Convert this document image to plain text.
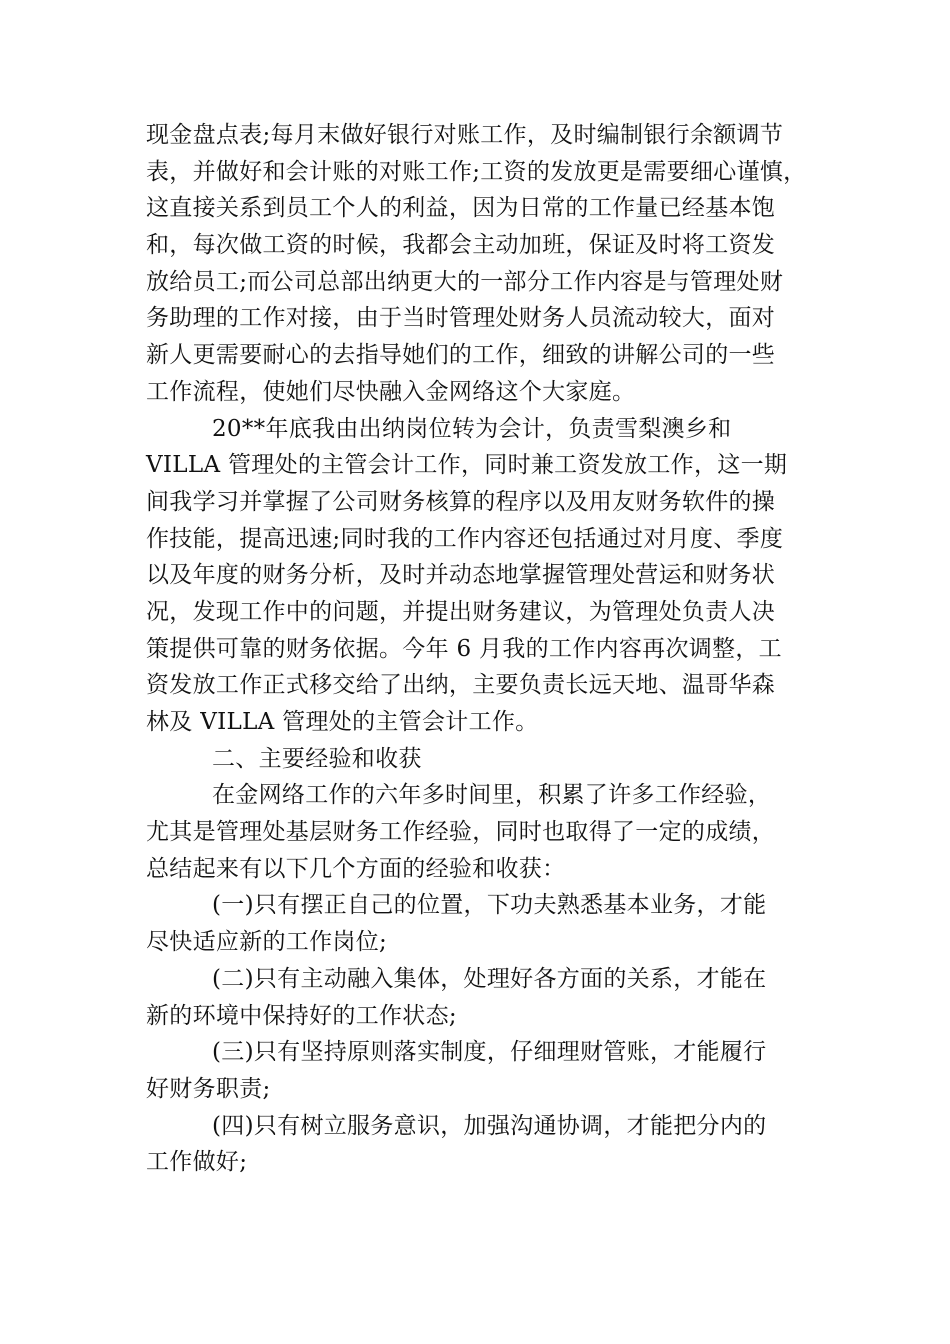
现金盘点表;每月末做好银行对账工作，及时编制银行余额调节
表，并做好和会计账的对账工作;工资的发放更是需要细心谨慎，
这直接关系到员工个人的利益，因为日常的工作量已经基本饱
和，每次做工资的时候，我都会主动加班，保证及时将工资发
放给员工;而公司总部出纳更大的一部分工作内容是与管理处财
务助理的工作对接，由于当时管理处财务人员流动较大，面对
新人更需要耐心的去指导她们的工作，细致的讲解公司的一些
工作流程，使她们尽快融入金网络这个大家庭。
20**年底我由出纳岗位转为会计，负责雪梨澳乡和
VILLA 管理处的主管会计工作，同时兼工资发放工作，这一期
间我学习并掌握了公司财务核算的程序以及用友财务软件的操
作技能，提高迅速;同时我的工作内容还包括通过对月度、季度
以及年度的财务分析，及时并动态地掌握管理处营运和财务状
况，发现工作中的问题，并提出财务建议，为管理处负责人决
策提供可靠的财务依据。今年 6 月我的工作内容再次调整，工
资发放工作正式移交给了出纳，主要负责长远天地、温哥华森
林及 VILLA 管理处的主管会计工作。
二、主要经验和收获
在金网络工作的六年多时间里，积累了许多工作经验，
尤其是管理处基层财务工作经验，同时也取得了一定的成绩，
总结起来有以下几个方面的经验和收获：
(一)只有摆正自己的位置，下功夫熟悉基本业务，才能
尽快适应新的工作岗位;
(二)只有主动融入集体，处理好各方面的关系，才能在
新的环境中保持好的工作状态;
(三)只有坚持原则落实制度，仔细理财管账，才能履行
好财务职责;
(四)只有树立服务意识，加强沟通协调，才能把分内的
工作做好;
